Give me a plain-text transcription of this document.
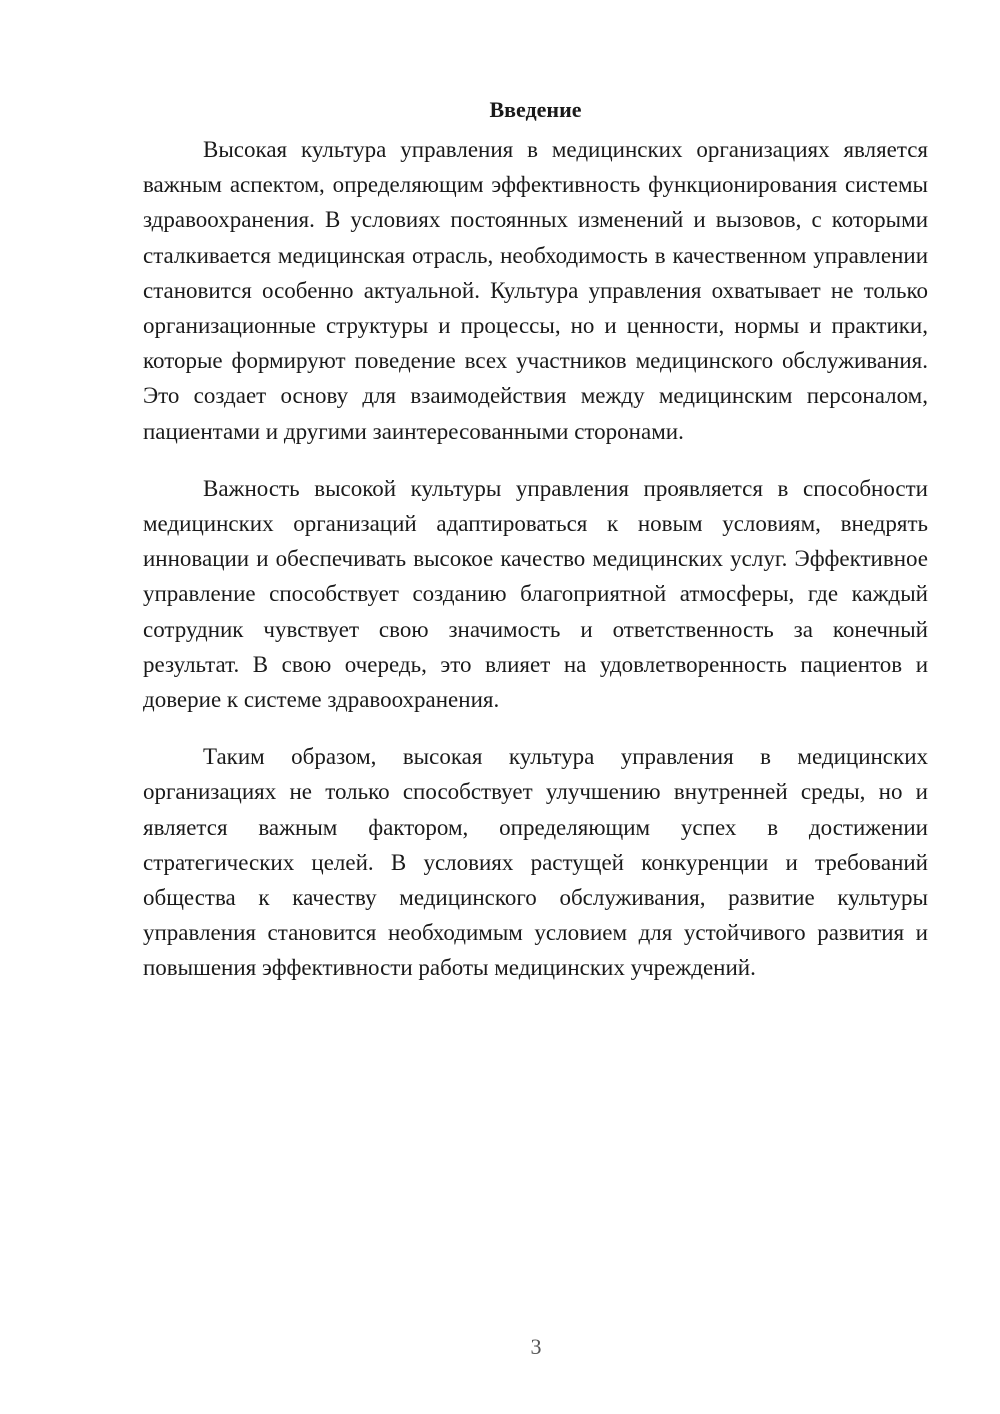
Введение

Высокая культура управления в медицинских организациях является важным аспектом, определяющим эффективность функционирования системы здравоохранения. В условиях постоянных изменений и вызовов, с которыми сталкивается медицинская отрасль, необходимость в качественном управлении становится особенно актуальной. Культура управления охватывает не только организационные структуры и процессы, но и ценности, нормы и практики, которые формируют поведение всех участников медицинского обслуживания. Это создает основу для взаимодействия между медицинским персоналом, пациентами и другими заинтересованными сторонами.

Важность высокой культуры управления проявляется в способности медицинских организаций адаптироваться к новым условиям, внедрять инновации и обеспечивать высокое качество медицинских услуг. Эффективное управление способствует созданию благоприятной атмосферы, где каждый сотрудник чувствует свою значимость и ответственность за конечный результат. В свою очередь, это влияет на удовлетворенность пациентов и доверие к системе здравоохранения.

Таким образом, высокая культура управления в медицинских организациях не только способствует улучшению внутренней среды, но и является важным фактором, определяющим успех в достижении стратегических целей. В условиях растущей конкуренции и требований общества к качеству медицинского обслуживания, развитие культуры управления становится необходимым условием для устойчивого развития и повышения эффективности работы медицинских учреждений.

3
